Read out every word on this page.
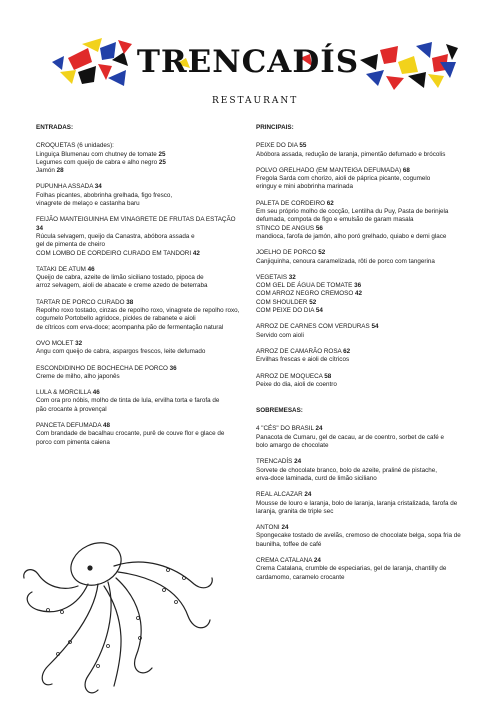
TRENCADÍS
RESTAURANT
ENTRADAS:
CROQUETAS (6 unidades):
Linguiça Blumenau com chutney de tomate 25
Legumes com queijo de cabra e alho negro 25
Jamón 28
PUPUNHA ASSADA 34
Folhas picantes, abobrinha grelhada, figo fresco,
vinagrete de melaço e castanha baru
FEIJÃO MANTEIGUINHA EM VINAGRETE DE FRUTAS DA ESTAÇÃO 34
Rúcula selvagem, queijo da Canastra, abóbora assada e
gel de pimenta de cheiro
COM LOMBO DE CORDEIRO CURADO EM TANDORI 42
TATAKI DE ATUM 46
Queijo de cabra, azeite de limão siciliano tostado, pipoca de
arroz selvagem, aioli de abacate e creme azedo de beterraba
TARTAR DE PORCO CURADO 38
Repolho roxo tostado, cinzas de repolho roxo, vinagrete de repolho roxo,
cogumelo Portobello agridoce, pickles de rabanete e aioli
de cítricos com erva-doce; acompanha pão de fermentação natural
OVO MOLET 32
Angu com queijo de cabra, aspargos frescos, leite defumado
ESCONDIDINHO DE BOCHECHA DE PORCO 36
Creme de milho, alho japonês
LULA & MORCILLA 46
Com ora pro nóbis, molho de tinta de lula, ervilha torta e farofa de
pão crocante à provençal
PANCETA DEFUMADA 48
Com brandade de bacalhau crocante, purê de couve flor e glace de
porco com pimenta caiena
PRINCIPAIS:
PEIXE DO DIA 55
Abóbora assada, redução de laranja, pimentão defumado e brócolis
POLVO GRELHADO (EM MANTEIGA DEFUMADA) 68
Fregola Sarda com chorizo, aioli de páprica picante, cogumelo
eringuy e mini abobrinha marinada
PALETA DE CORDEIRO 62
Em seu próprio molho de cocção, Lentilha du Puy, Pasta de berinjela
defumada, compota de figo e emulsão de garam masala
STINCO DE ANGUS 56
mandioca, farofa de jamón, alho poró grelhado, quiabo e demi glace
JOELHO DE PORCO 52
Canjiquinha, cenoura caramelizada, rôti de porco com tangerina
VEGETAIS 32
COM GEL DE ÁGUA DE TOMATE 36
COM ARROZ NEGRO CREMOSO 42
COM SHOULDER 52
COM PEIXE DO DIA 54
ARROZ DE CARNES COM VERDURAS 54
Servido com aioli
ARROZ DE CAMARÃO ROSA 62
Ervilhas frescas e aioli de cítricos
ARROZ DE MOQUECA 58
Peixe do dia, aioli de coentro
SOBREMESAS:
4 "CÉS" DO BRASIL 24
Panacota de Cumaru, gel de cacau, ar de coentro, sorbet de café e
bolo amargo de chocolate
TRENCADÍS 24
Sorvete de chocolate branco, bolo de azeite, praliné de pistache,
erva-doce laminada, curd de limão siciliano
REAL ALCAZAR 24
Mousse de louro e laranja, bolo de laranja, laranja cristalizada, farofa de
laranja, granita de triple sec
ANTONI 24
Spongecake tostado de avelãs, cremoso de chocolate belga, sopa fria de
baunilha, toffee de café
CREMA CATALANA 24
Crema Catalana, crumble de especiarias, gel de laranja, chantilly de
cardamomo, caramelo crocante
